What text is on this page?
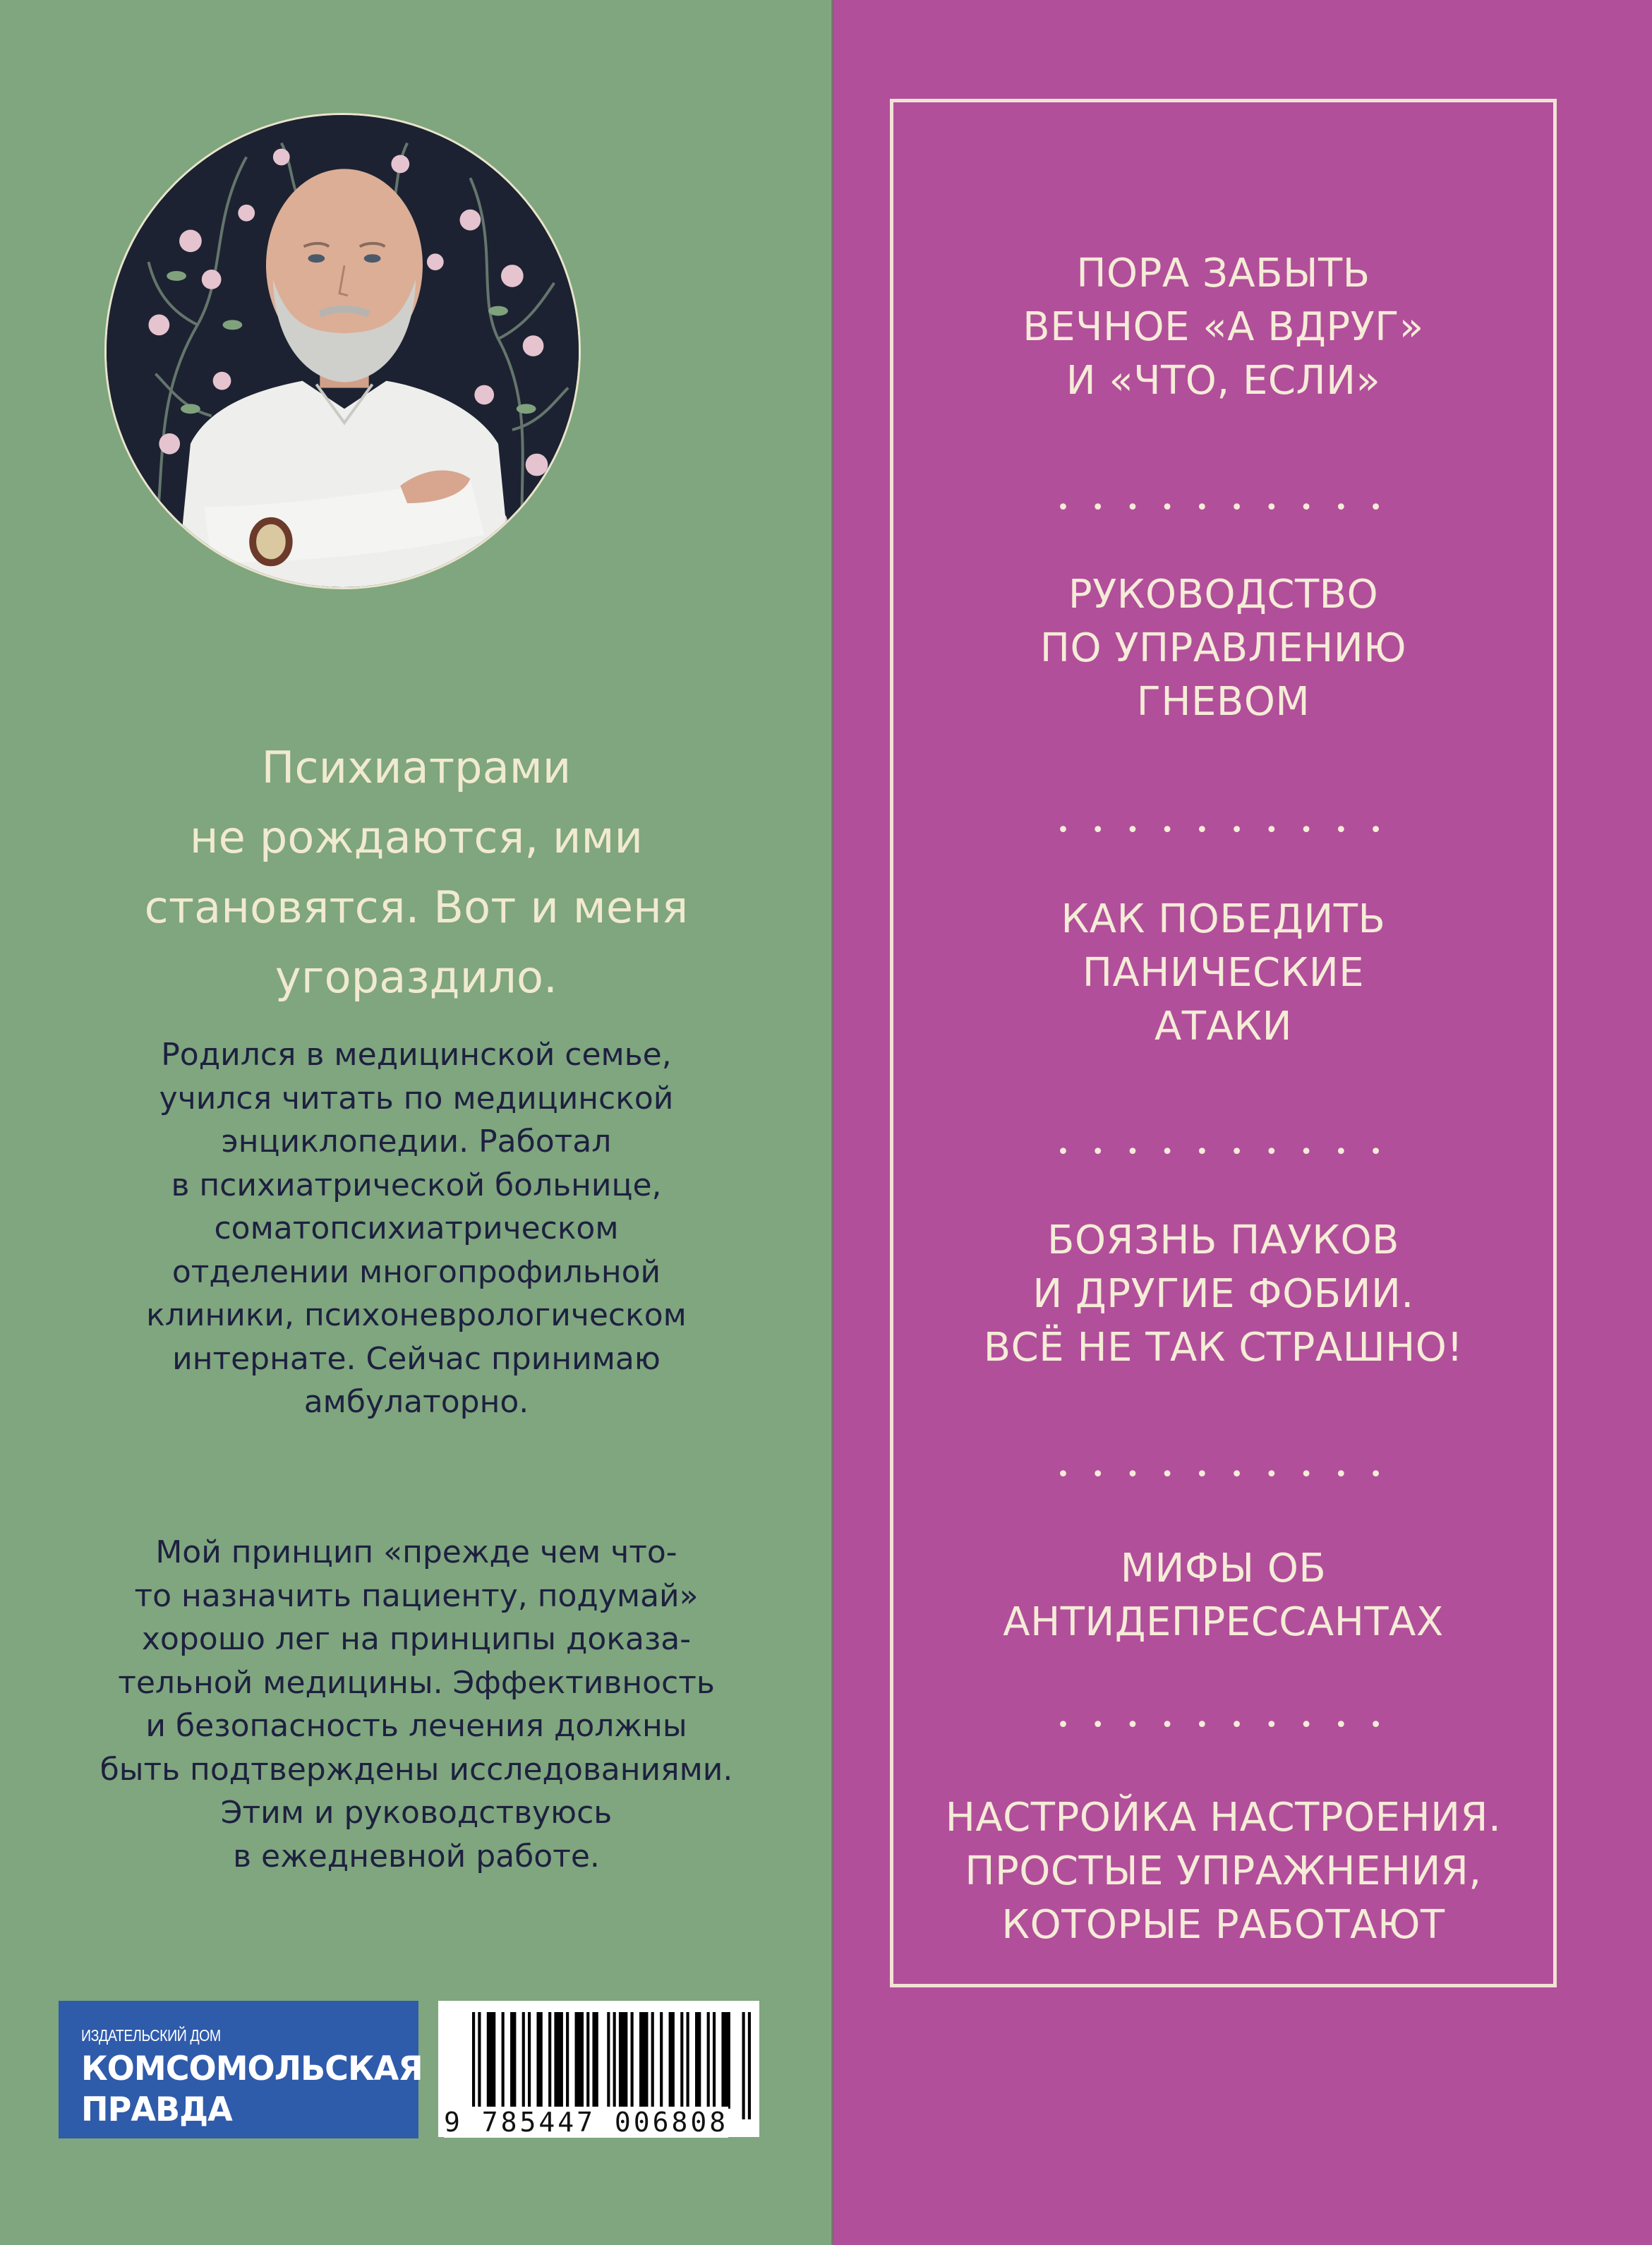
Психиатрами
не рождаются, ими
становятся. Вот и меня
угораздило.
Родился в медицинской семье,
учился читать по медицинской
энциклопедии. Работал
в психиатрической больнице,
соматопсихиатрическом
отделении многопрофильной
клиники, психоневрологическом
интернате. Сейчас принимаю
амбулаторно.
Мой принцип «прежде чем что-
то назначить пациенту, подумай»
хорошо лег на принципы доказа-
тельной медицины. Эффективность
и безопасность лечения должны
быть подтверждены исследованиями.
Этим и руководствуюсь
в ежедневной работе.
ИЗДАТЕЛЬСКИЙ ДОМ
КОМСОМОЛЬСКАЯ
ПРАВДА	9 785447 006808
ПОРА ЗАБЫТЬ
ВЕЧНОЕ «А ВДРУГ»
И «ЧТО, ЕСЛИ»
• • • • • • • • • •
РУКОВОДСТВО
ПО УПРАВЛЕНИЮ
ГНЕВОМ
• • • • • • • • • •
КАК ПОБЕДИТЬ
ПАНИЧЕСКИЕ
АТАКИ
• • • • • • • • • •
БОЯЗНЬ ПАУКОВ
И ДРУГИЕ ФОБИИ.
ВСЁ НЕ ТАК СТРАШНО!
• • • • • • • • • •
МИФЫ ОБ
АНТИДЕПРЕССАНТАХ
• • • • • • • • • •
НАСТРОЙКА НАСТРОЕНИЯ.
ПРОСТЫЕ УПРАЖНЕНИЯ,
КОТОРЫЕ РАБОТАЮТ
